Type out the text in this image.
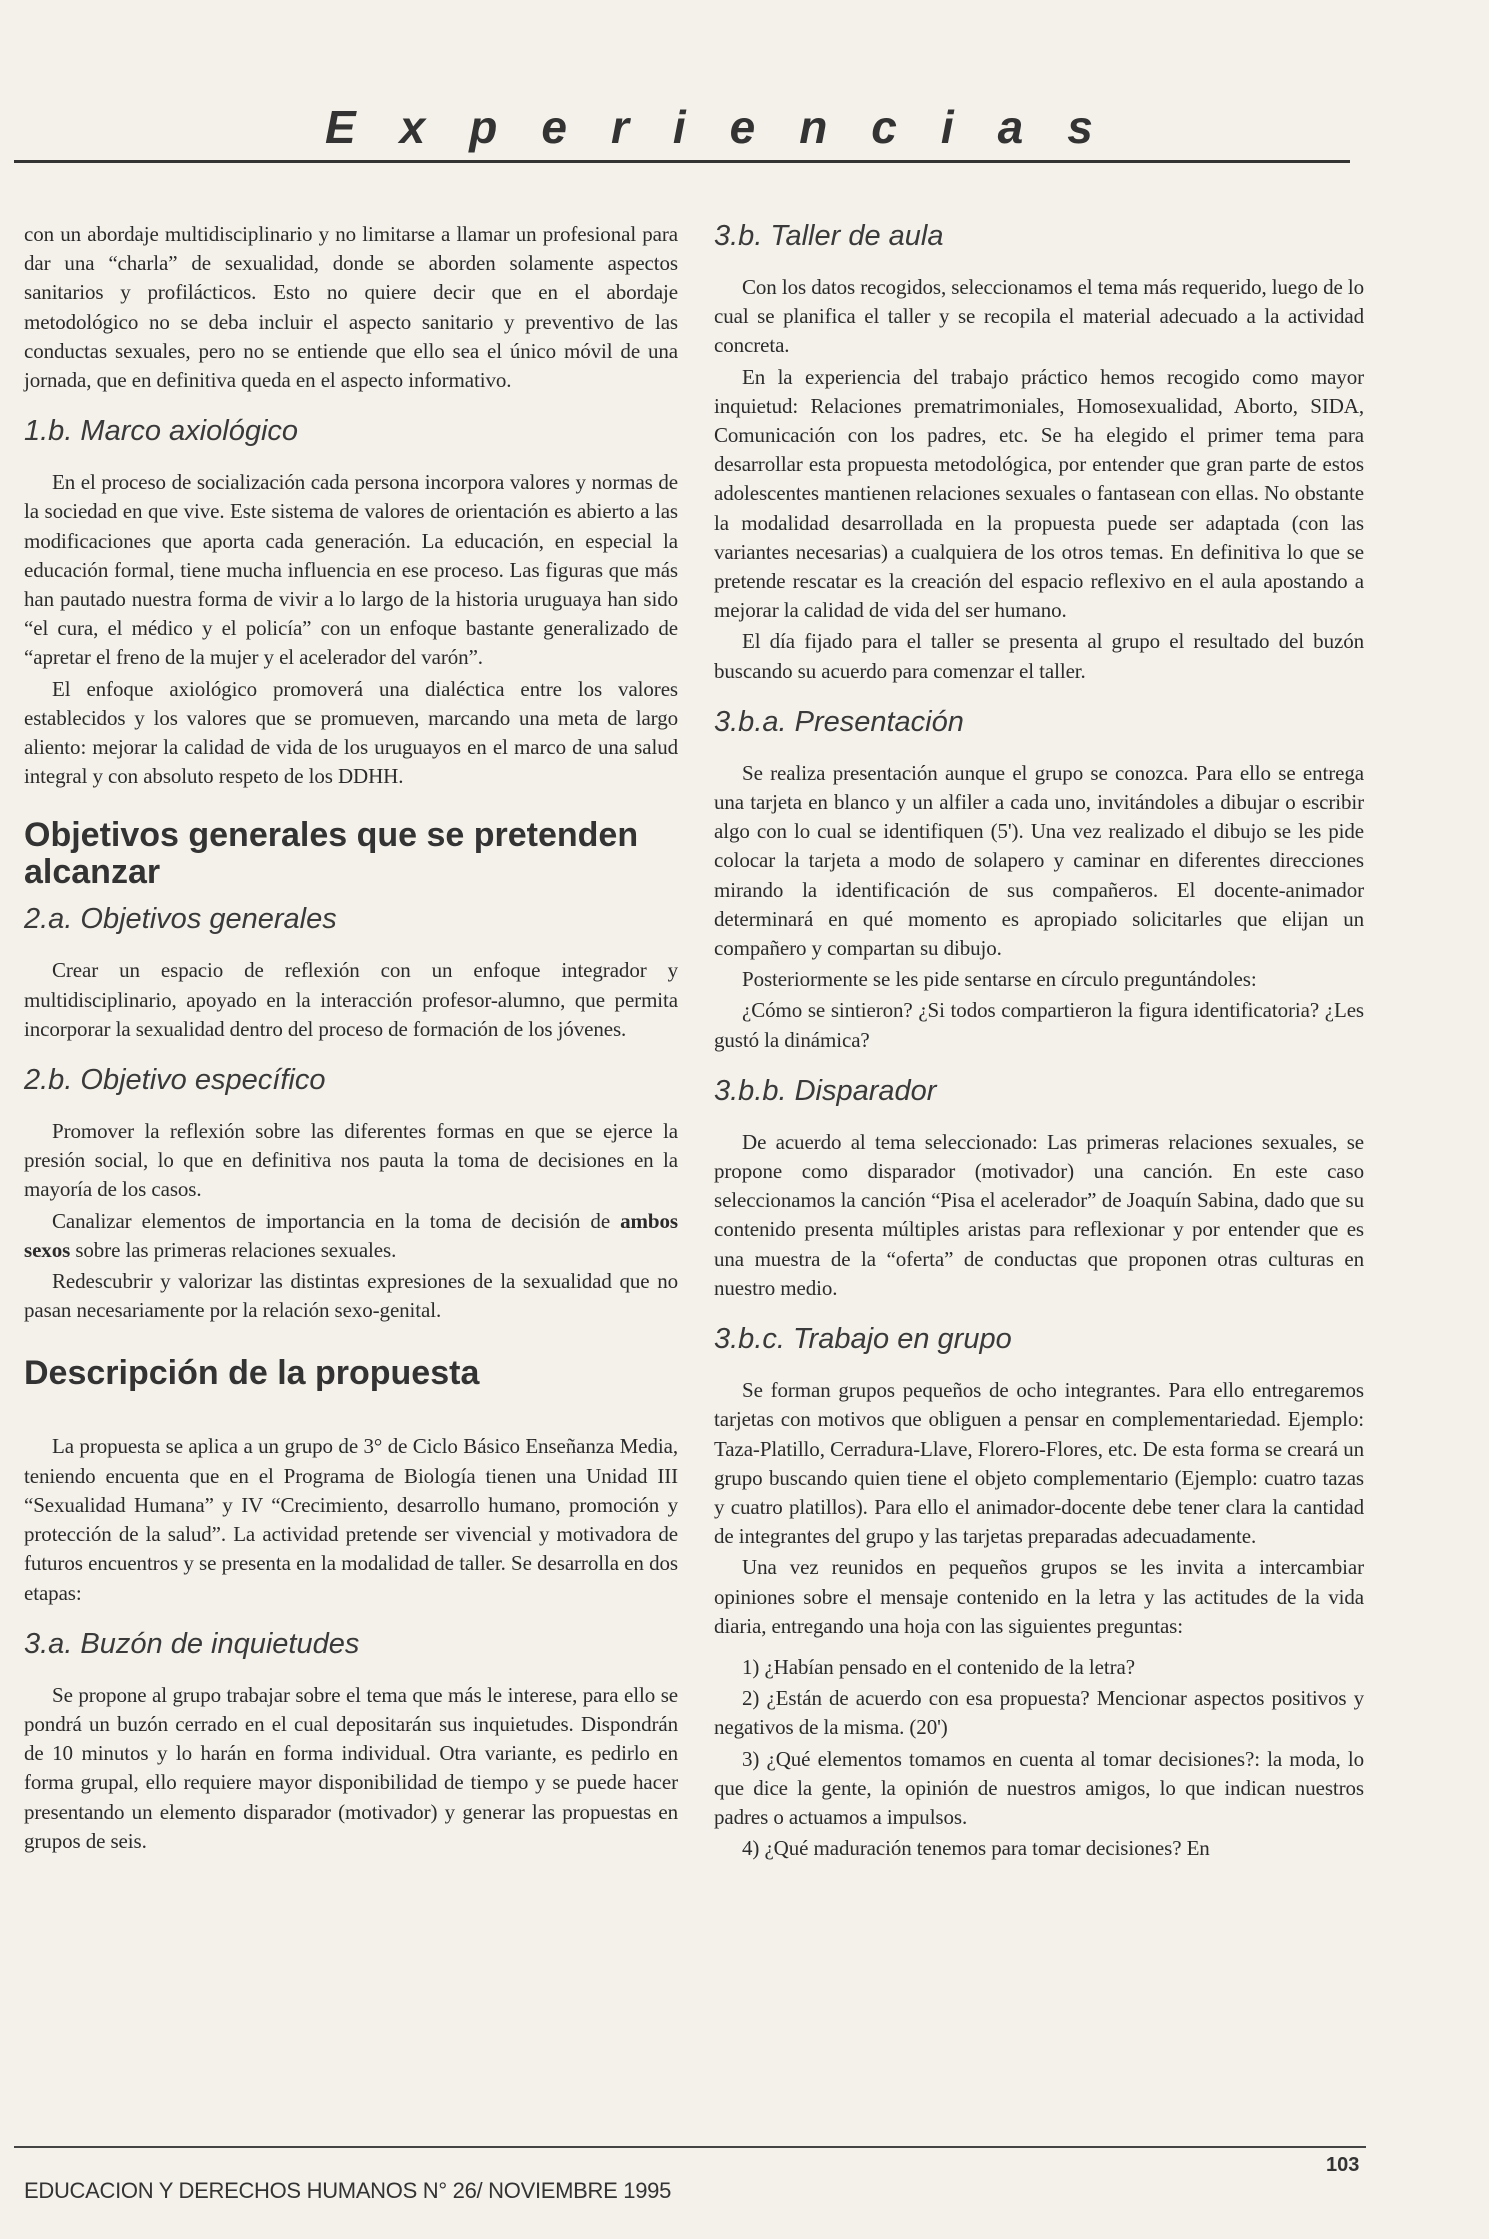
Experiencias

con un abordaje multidisciplinario y no limitarse a llamar un profesional para dar una “charla” de sexualidad, donde se aborden solamente aspectos sanitarios y profilácticos. Esto no quiere decir que en el abordaje metodológico no se deba incluir el aspecto sanitario y preventivo de las conductas sexuales, pero no se entiende que ello sea el único móvil de una jornada, que en definitiva queda en el aspecto informativo.

1.b. Marco axiológico

En el proceso de socialización cada persona incorpora valores y normas de la sociedad en que vive. Este sistema de valores de orientación es abierto a las modificaciones que aporta cada generación. La educación, en especial la educación formal, tiene mucha influencia en ese proceso. Las figuras que más han pautado nuestra forma de vivir a lo largo de la historia uruguaya han sido “el cura, el médico y el policía” con un enfoque bastante generalizado de “apretar el freno de la mujer y el acelerador del varón”.

El enfoque axiológico promoverá una dialéctica entre los valores establecidos y los valores que se promueven, marcando una meta de largo aliento: mejorar la calidad de vida de los uruguayos en el marco de una salud integral y con absoluto respeto de los DDHH.

Objetivos generales que se pretenden alcanzar
2.a. Objetivos generales

Crear un espacio de reflexión con un enfoque integrador y multidisciplinario, apoyado en la interacción profesor-alumno, que permita incorporar la sexualidad dentro del proceso de formación de los jóvenes.

2.b. Objetivo específico

Promover la reflexión sobre las diferentes formas en que se ejerce la presión social, lo que en definitiva nos pauta la toma de decisiones en la mayoría de los casos.

Canalizar elementos de importancia en la toma de decisión de ambos sexos sobre las primeras relaciones sexuales.

Redescubrir y valorizar las distintas expresiones de la sexualidad que no pasan necesariamente por la relación sexo-genital.

Descripción de la propuesta

La propuesta se aplica a un grupo de 3° de Ciclo Básico Enseñanza Media, teniendo encuenta que en el Programa de Biología tienen una Unidad III “Sexualidad Humana” y IV “Crecimiento, desarrollo humano, promoción y protección de la salud”. La actividad pretende ser vivencial y motivadora de futuros encuentros y se presenta en la modalidad de taller. Se desarrolla en dos etapas:

3.a. Buzón de inquietudes

Se propone al grupo trabajar sobre el tema que más le interese, para ello se pondrá un buzón cerrado en el cual depositarán sus inquietudes. Dispondrán de 10 minutos y lo harán en forma individual. Otra variante, es pedirlo en forma grupal, ello requiere mayor disponibilidad de tiempo y se puede hacer presentando un elemento disparador (motivador) y generar las propuestas en grupos de seis.

3.b. Taller de aula

Con los datos recogidos, seleccionamos el tema más requerido, luego de lo cual se planifica el taller y se recopila el material adecuado a la actividad concreta.

En la experiencia del trabajo práctico hemos recogido como mayor inquietud: Relaciones prematrimoniales, Homosexualidad, Aborto, SIDA, Comunicación con los padres, etc. Se ha elegido el primer tema para desarrollar esta propuesta metodológica, por entender que gran parte de estos adolescentes mantienen relaciones sexuales o fantasean con ellas. No obstante la modalidad desarrollada en la propuesta puede ser adaptada (con las variantes necesarias) a cualquiera de los otros temas. En definitiva lo que se pretende rescatar es la creación del espacio reflexivo en el aula apostando a mejorar la calidad de vida del ser humano.

El día fijado para el taller se presenta al grupo el resultado del buzón buscando su acuerdo para comenzar el taller.

3.b.a. Presentación

Se realiza presentación aunque el grupo se conozca. Para ello se entrega una tarjeta en blanco y un alfiler a cada uno, invitándoles a dibujar o escribir algo con lo cual se identifiquen (5'). Una vez realizado el dibujo se les pide colocar la tarjeta a modo de solapero y caminar en diferentes direcciones mirando la identificación de sus compañeros. El docente-animador determinará en qué momento es apropiado solicitarles que elijan un compañero y compartan su dibujo.

Posteriormente se les pide sentarse en círculo preguntándoles:

¿Cómo se sintieron? ¿Si todos compartieron la figura identificatoria? ¿Les gustó la dinámica?

3.b.b. Disparador

De acuerdo al tema seleccionado: Las primeras relaciones sexuales, se propone como disparador (motivador) una canción. En este caso seleccionamos la canción “Pisa el acelerador” de Joaquín Sabina, dado que su contenido presenta múltiples aristas para reflexionar y por entender que es una muestra de la “oferta” de conductas que proponen otras culturas en nuestro medio.

3.b.c. Trabajo en grupo

Se forman grupos pequeños de ocho integrantes. Para ello entregaremos tarjetas con motivos que obliguen a pensar en complementariedad. Ejemplo: Taza-Platillo, Cerradura-Llave, Florero-Flores, etc. De esta forma se creará un grupo buscando quien tiene el objeto complementario (Ejemplo: cuatro tazas y cuatro platillos). Para ello el animador-docente debe tener clara la cantidad de integrantes del grupo y las tarjetas preparadas adecuadamente.

Una vez reunidos en pequeños grupos se les invita a intercambiar opiniones sobre el mensaje contenido en la letra y las actitudes de la vida diaria, entregando una hoja con las siguientes preguntas:

1) ¿Habían pensado en el contenido de la letra?

2) ¿Están de acuerdo con esa propuesta? Mencionar aspectos positivos y negativos de la misma. (20')

3) ¿Qué elementos tomamos en cuenta al tomar decisiones?: la moda, lo que dice la gente, la opinión de nuestros amigos, lo que indican nuestros padres o actuamos a impulsos.

4) ¿Qué maduración tenemos para tomar decisiones? En

EDUCACION Y DERECHOS HUMANOS N° 26/ NOVIEMBRE 1995
103
